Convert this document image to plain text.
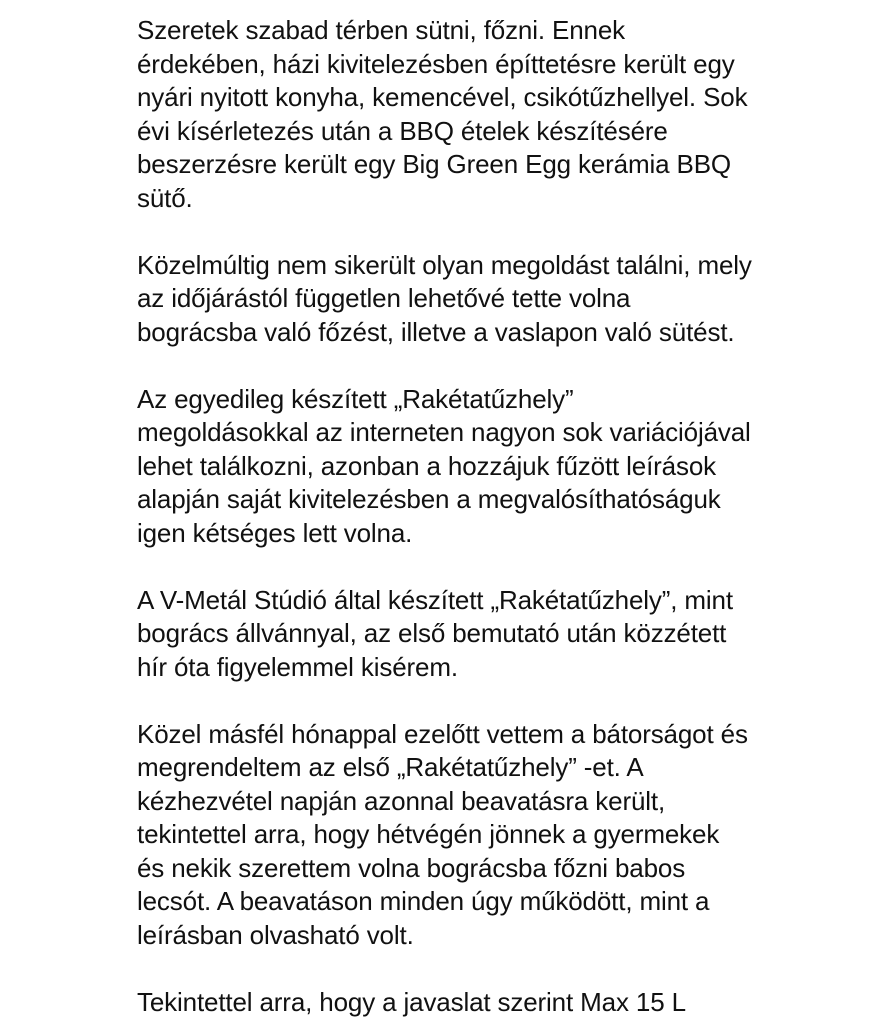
Szeretek szabad térben sütni, főzni. Ennek
érdekében, házi kivitelezésben építtetésre került egy
nyári nyitott konyha, kemencével, csikótűzhellyel. Sok
évi kísérletezés után a BBQ ételek készítésére
beszerzésre került egy Big Green Egg kerámia BBQ
sütő.

Közelmúltig nem sikerült olyan megoldást találni, mely
az időjárástól független lehetővé tette volna
bográcsba való főzést, illetve a vaslapon való sütést.

Az egyedileg készített „Rakétatűzhely”
megoldásokkal az interneten nagyon sok variációjával
lehet találkozni, azonban a hozzájuk fűzött leírások
alapján saját kivitelezésben a megvalósíthatóságuk
igen kétséges lett volna.

A V-Metál Stúdió által készített „Rakétatűzhely”, mint
bogrács állvánnyal, az első bemutató után közzétett
hír óta figyelemmel kisérem.

Közel másfél hónappal ezelőtt vettem a bátorságot és
megrendeltem az első „Rakétatűzhely” -et. A
kézhezvétel napján azonnal beavatásra került,
tekintettel arra, hogy hétvégén jönnek a gyermekek
és nekik szerettem volna bográcsba főzni babos
lecsót. A beavatáson minden úgy működött, mint a
leírásban olvasható volt.

Tekintettel arra, hogy a javaslat szerint Max 15 L
